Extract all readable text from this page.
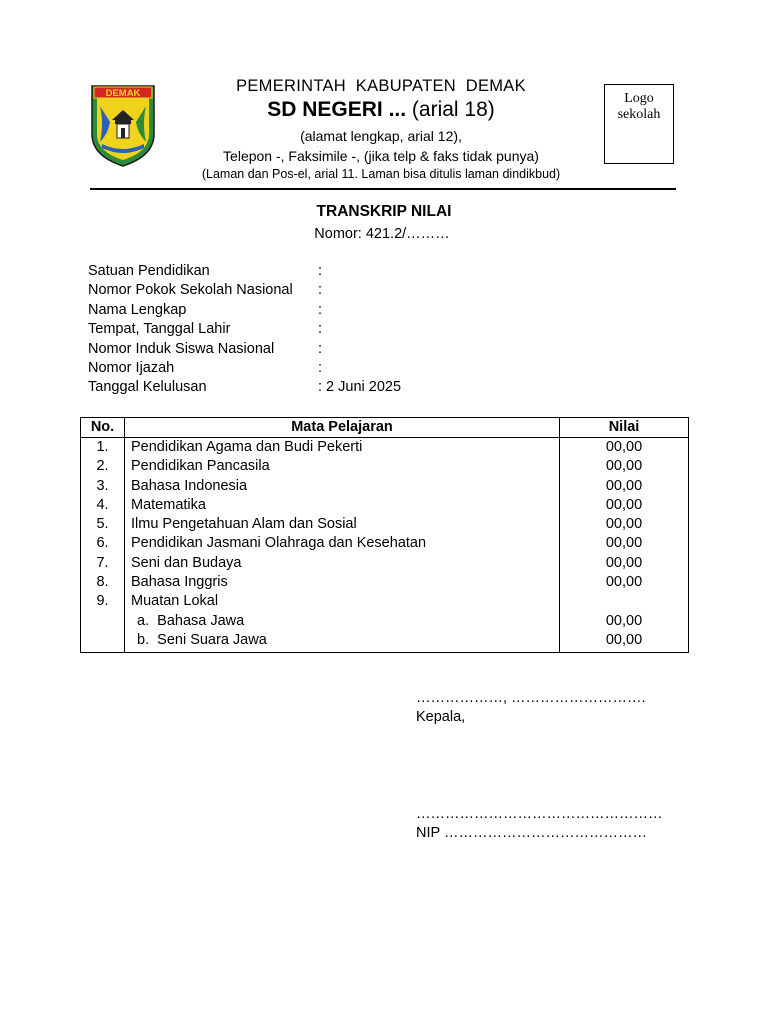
DEMAK	PEMERINTAH  KABUPATEN  DEMAK
SD NEGERI ... (arial 18)
(alamat lengkap, arial 12),
Telepon -, Faksimile -, (jika telp & faks tidak punya)
(Laman dan Pos-el, arial 11. Laman bisa ditulis laman dindikbud)
Logo
sekolah
TRANSKRIP NILAI
Nomor: 421.2/………
Satuan Pendidikan	:
Nomor Pokok Sekolah Nasional :
Nama Lengkap	:
Tempat, Tanggal Lahir	:
Nomor Induk Siswa Nasional	:
Nomor Ijazah	:
Tanggal Kelulusan	: 2 Juni 2025
No.	Mata Pelajaran	Nilai
1.	Pendidikan Agama dan Budi Pekerti	00,00
2.	Pendidikan Pancasila	00,00
3.	Bahasa Indonesia	00,00
4.	Matematika	00,00
5.	Ilmu Pengetahuan Alam dan Sosial	00,00
6.	Pendidikan Jasmani Olahraga dan Kesehatan	00,00
7.	Seni dan Budaya	00,00
8.	Bahasa Inggris	00,00
9.	Muatan Lokal	
	a.  Bahasa Jawa	00,00
	b.  Seni Suara Jawa	00,00
………………, ……………………….
Kepala,
……………………………………………
NIP ……………………………………
